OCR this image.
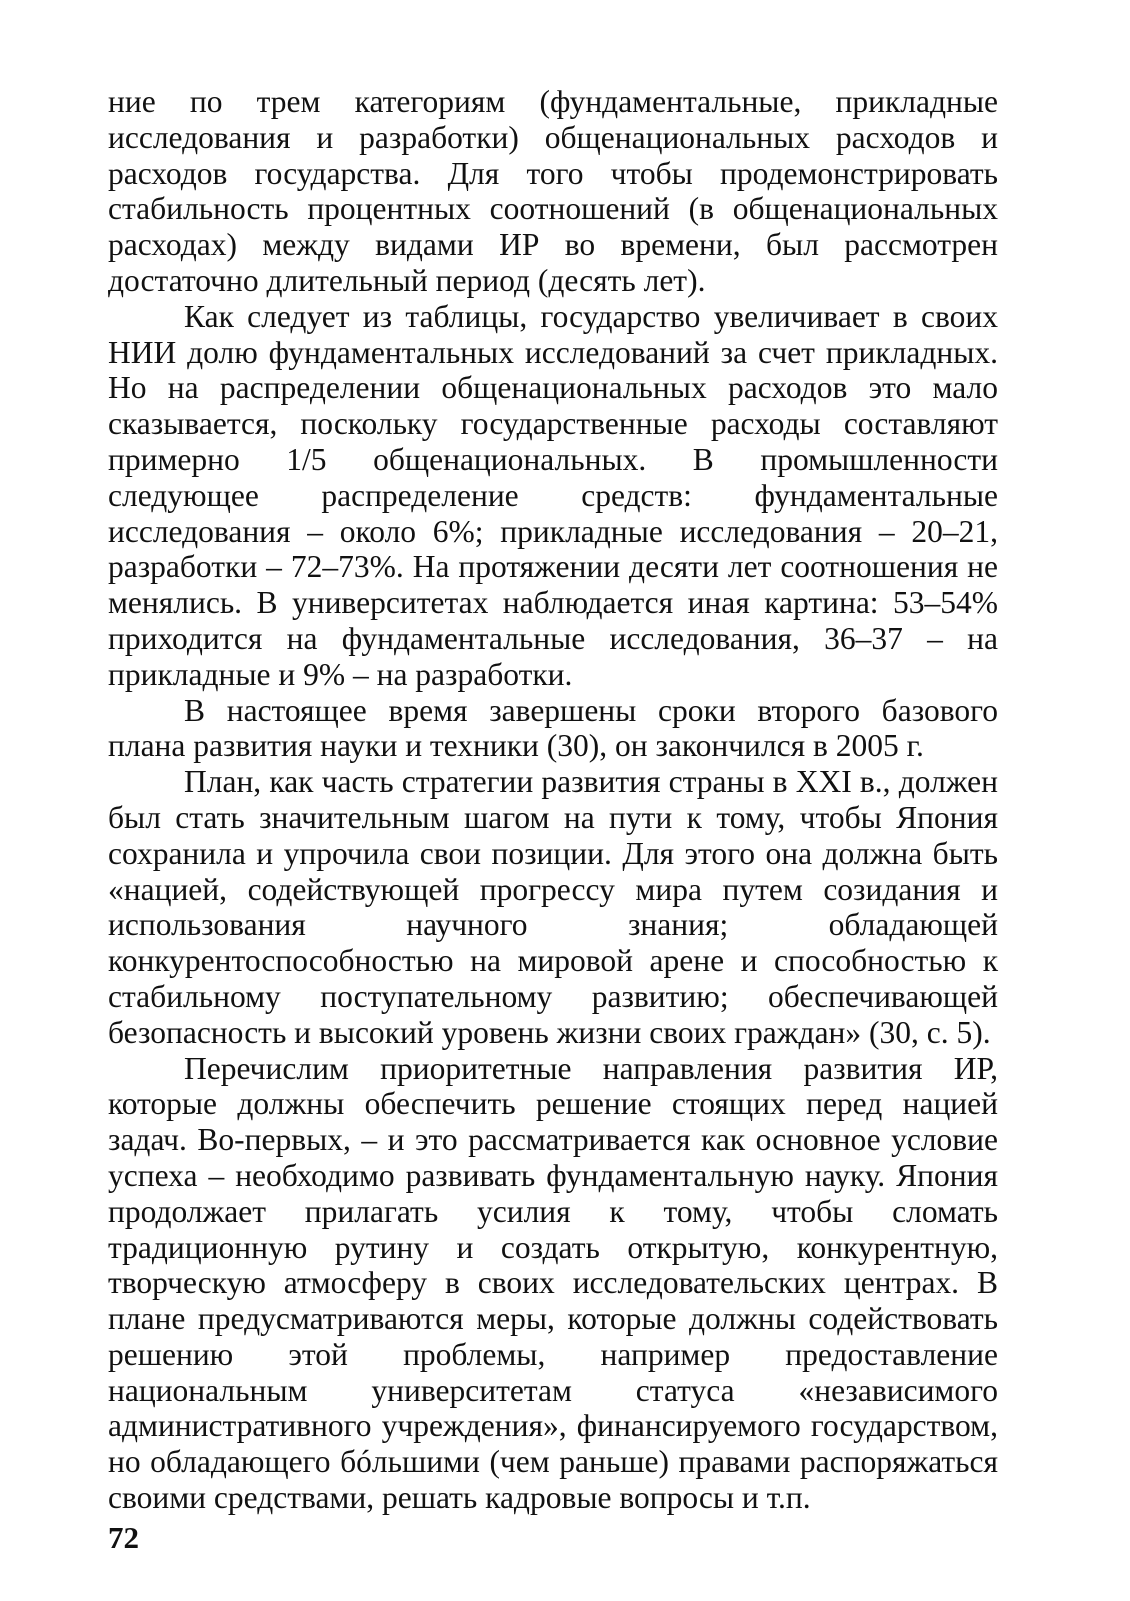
ние по трем категориям (фундаментальные, прикладные исследования и разработки) общенациональных расходов и расходов государства. Для того чтобы продемонстрировать стабильность процентных соотношений (в общенациональных расходах) между видами ИР во времени, был рассмотрен достаточно длительный период (десять лет).

Как следует из таблицы, государство увеличивает в своих НИИ долю фундаментальных исследований за счет прикладных. Но на распределении общенациональных расходов это мало сказывается, поскольку государственные расходы составляют примерно 1/5 общенациональных. В промышленности следующее распределение средств: фундаментальные исследования – около 6%; прикладные исследования – 20–21, разработки – 72–73%. На протяжении десяти лет соотношения не менялись. В университетах наблюдается иная картина: 53–54% приходится на фундаментальные исследования, 36–37 – на прикладные и 9% – на разработки.

В настоящее время завершены сроки второго базового плана развития науки и техники (30), он закончился в 2005 г.

План, как часть стратегии развития страны в XXI в., должен был стать значительным шагом на пути к тому, чтобы Япония сохранила и упрочила свои позиции. Для этого она должна быть «нацией, содействующей прогрессу мира путем созидания и использования научного знания; обладающей конкурентоспособностью на мировой арене и способностью к стабильному поступательному развитию; обеспечивающей безопасность и высокий уровень жизни своих граждан» (30, с. 5).

Перечислим приоритетные направления развития ИР, которые должны обеспечить решение стоящих перед нацией задач. Во-первых, – и это рассматривается как основное условие успеха – необходимо развивать фундаментальную науку. Япония продолжает прилагать усилия к тому, чтобы сломать традиционную рутину и создать открытую, конкурентную, творческую атмосферу в своих исследовательских центрах. В плане предусматриваются меры, которые должны содействовать решению этой проблемы, например предоставление национальным университетам статуса «независимого административного учреждения», финансируемого государством, но обладающего бóльшими (чем раньше) правами распоряжаться своими средствами, решать кадровые вопросы и т.п.

72
